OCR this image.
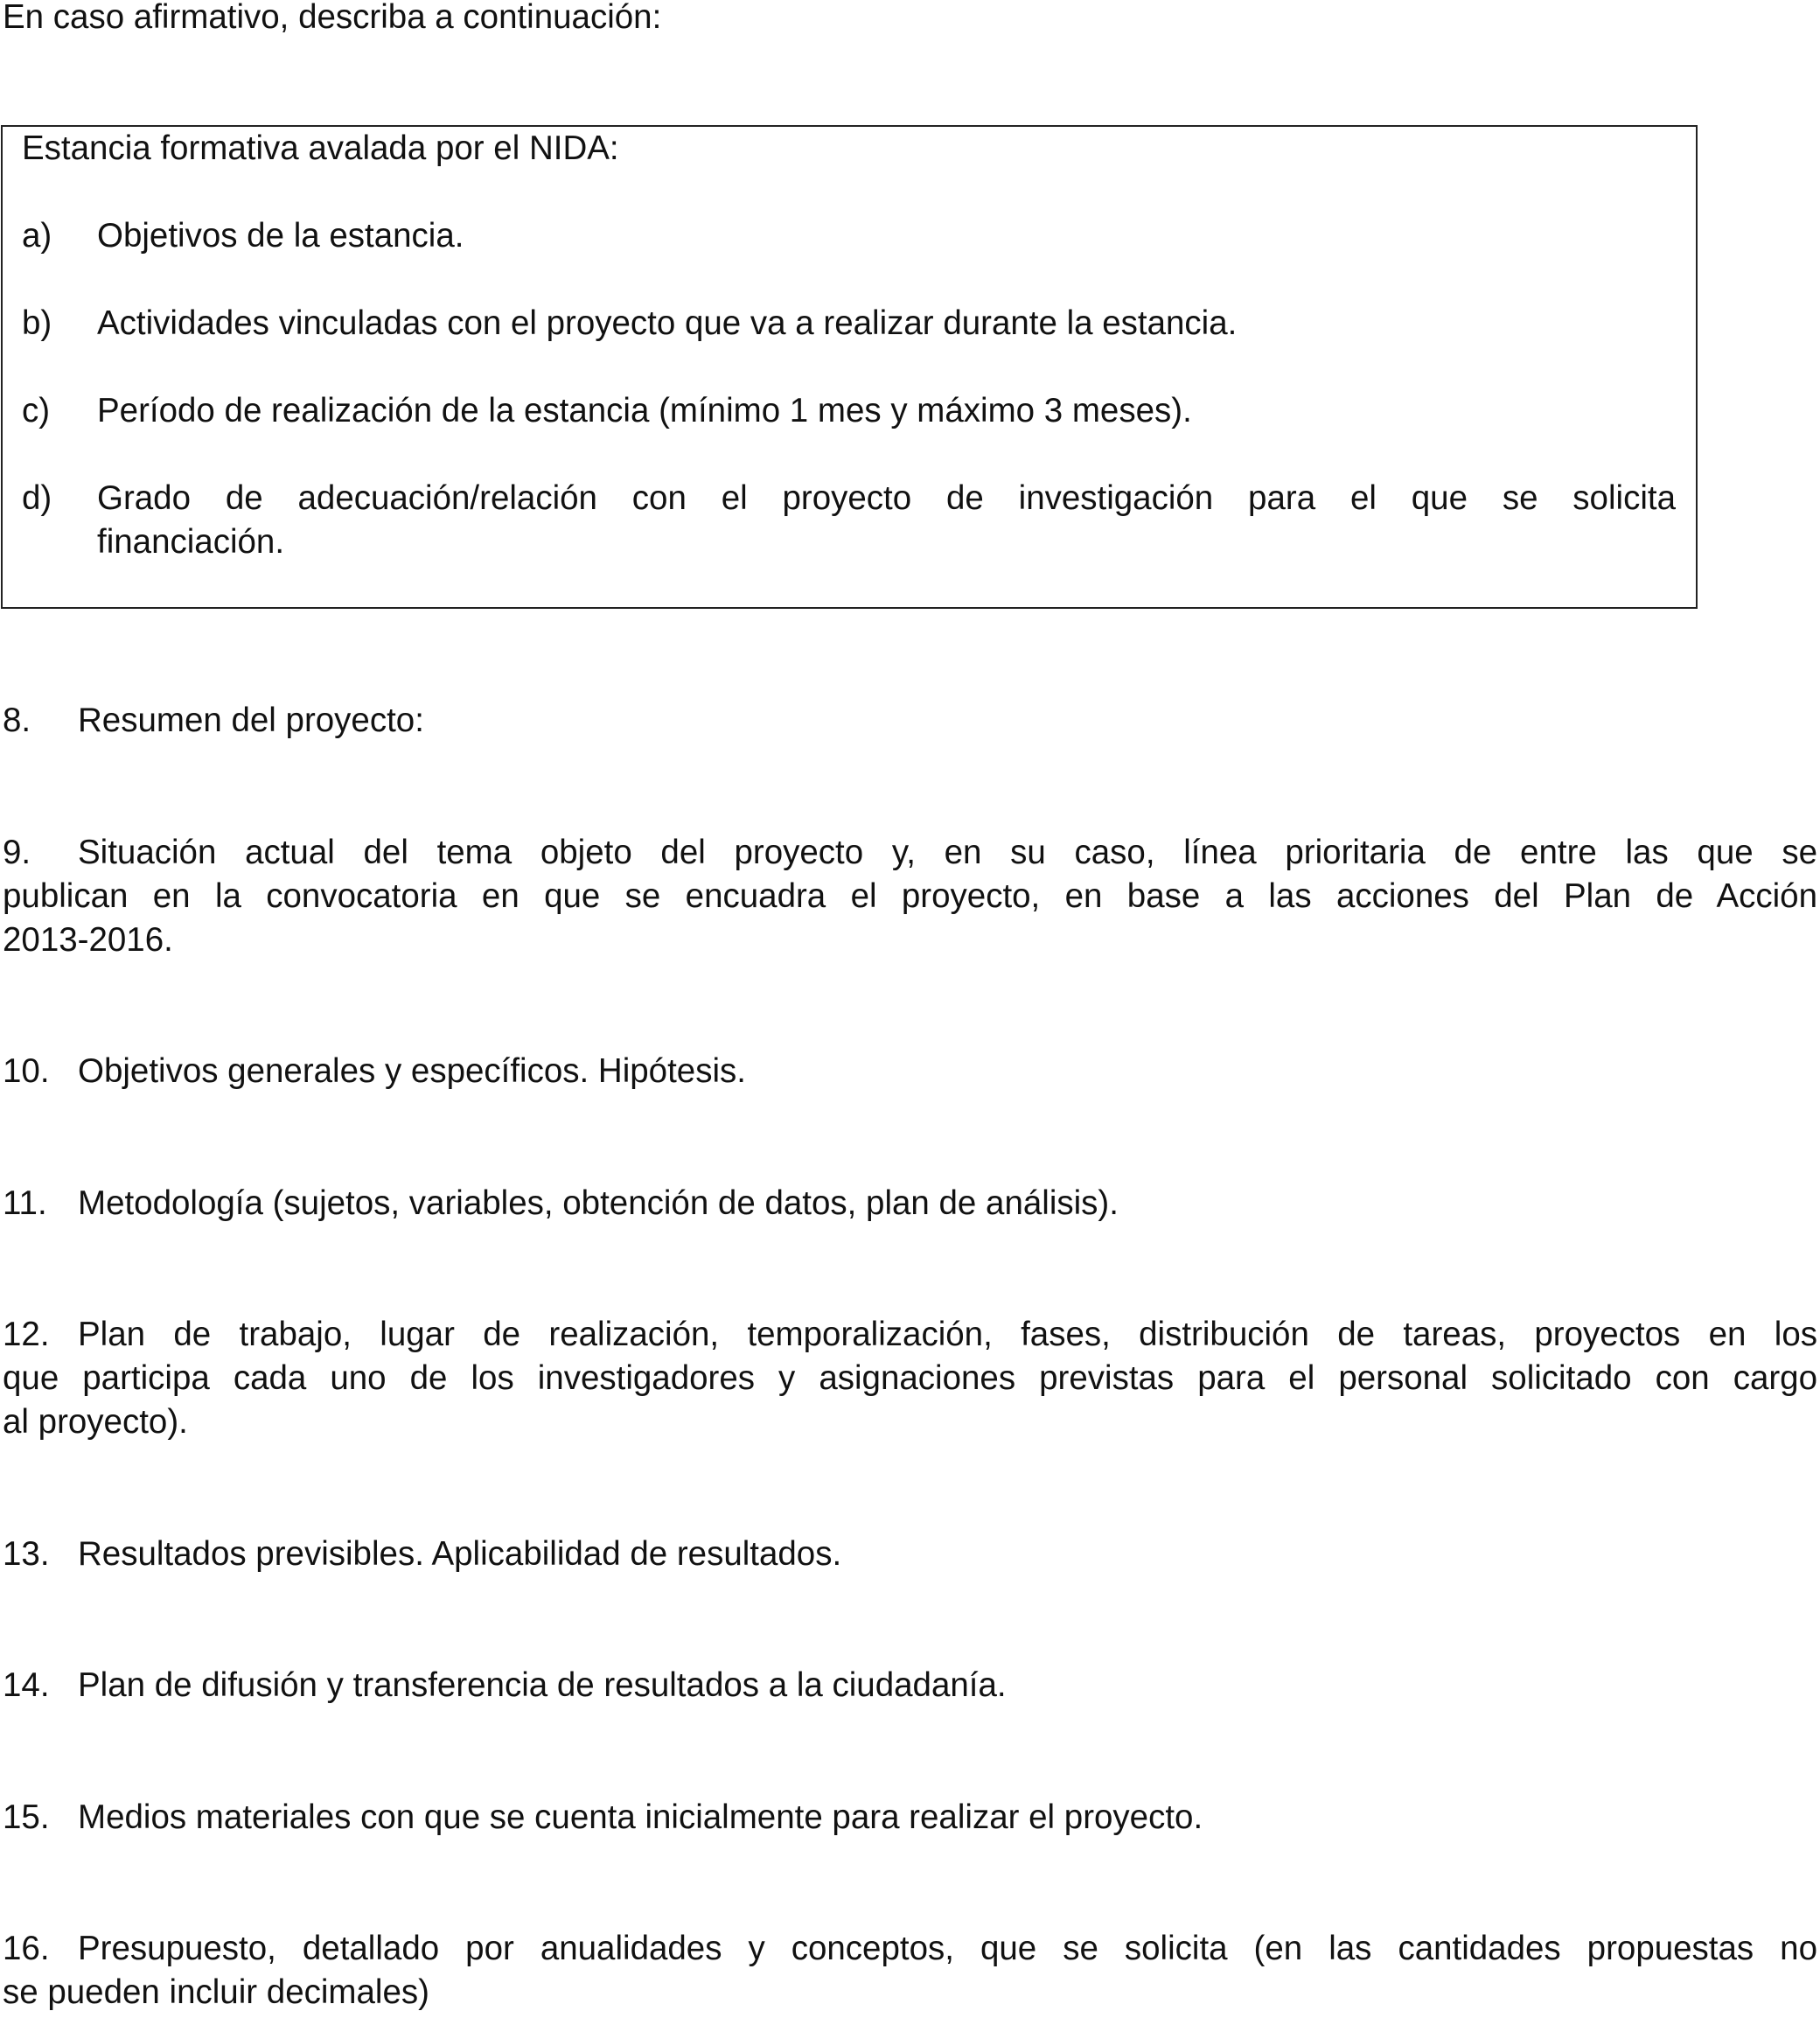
En caso afirmativo, describa a continuación:
Estancia formativa avalada por el NIDA:
a) Objetivos de la estancia.
b) Actividades vinculadas con el proyecto que va a realizar durante la estancia.
c) Período de realización de la estancia (mínimo 1 mes y máximo 3 meses).
d) Grado de adecuación/relación con el proyecto de investigación para el que se solicita
financiación.
8. Resumen del proyecto:
9. Situación actual del tema objeto del proyecto y, en su caso, línea prioritaria de entre las que se
publican en la convocatoria en que se encuadra el proyecto, en base a las acciones del Plan de Acción
2013-2016.
10. Objetivos generales y específicos. Hipótesis.
11. Metodología (sujetos, variables, obtención de datos, plan de análisis).
12. Plan de trabajo, lugar de realización, temporalización, fases, distribución de tareas, proyectos en los
que participa cada uno de los investigadores y asignaciones previstas para el personal solicitado con cargo
al proyecto).
13. Resultados previsibles. Aplicabilidad de resultados.
14. Plan de difusión y transferencia de resultados a la ciudadanía.
15. Medios materiales con que se cuenta inicialmente para realizar el proyecto.
16. Presupuesto, detallado por anualidades y conceptos, que se solicita (en las cantidades propuestas no
se pueden incluir decimales)
